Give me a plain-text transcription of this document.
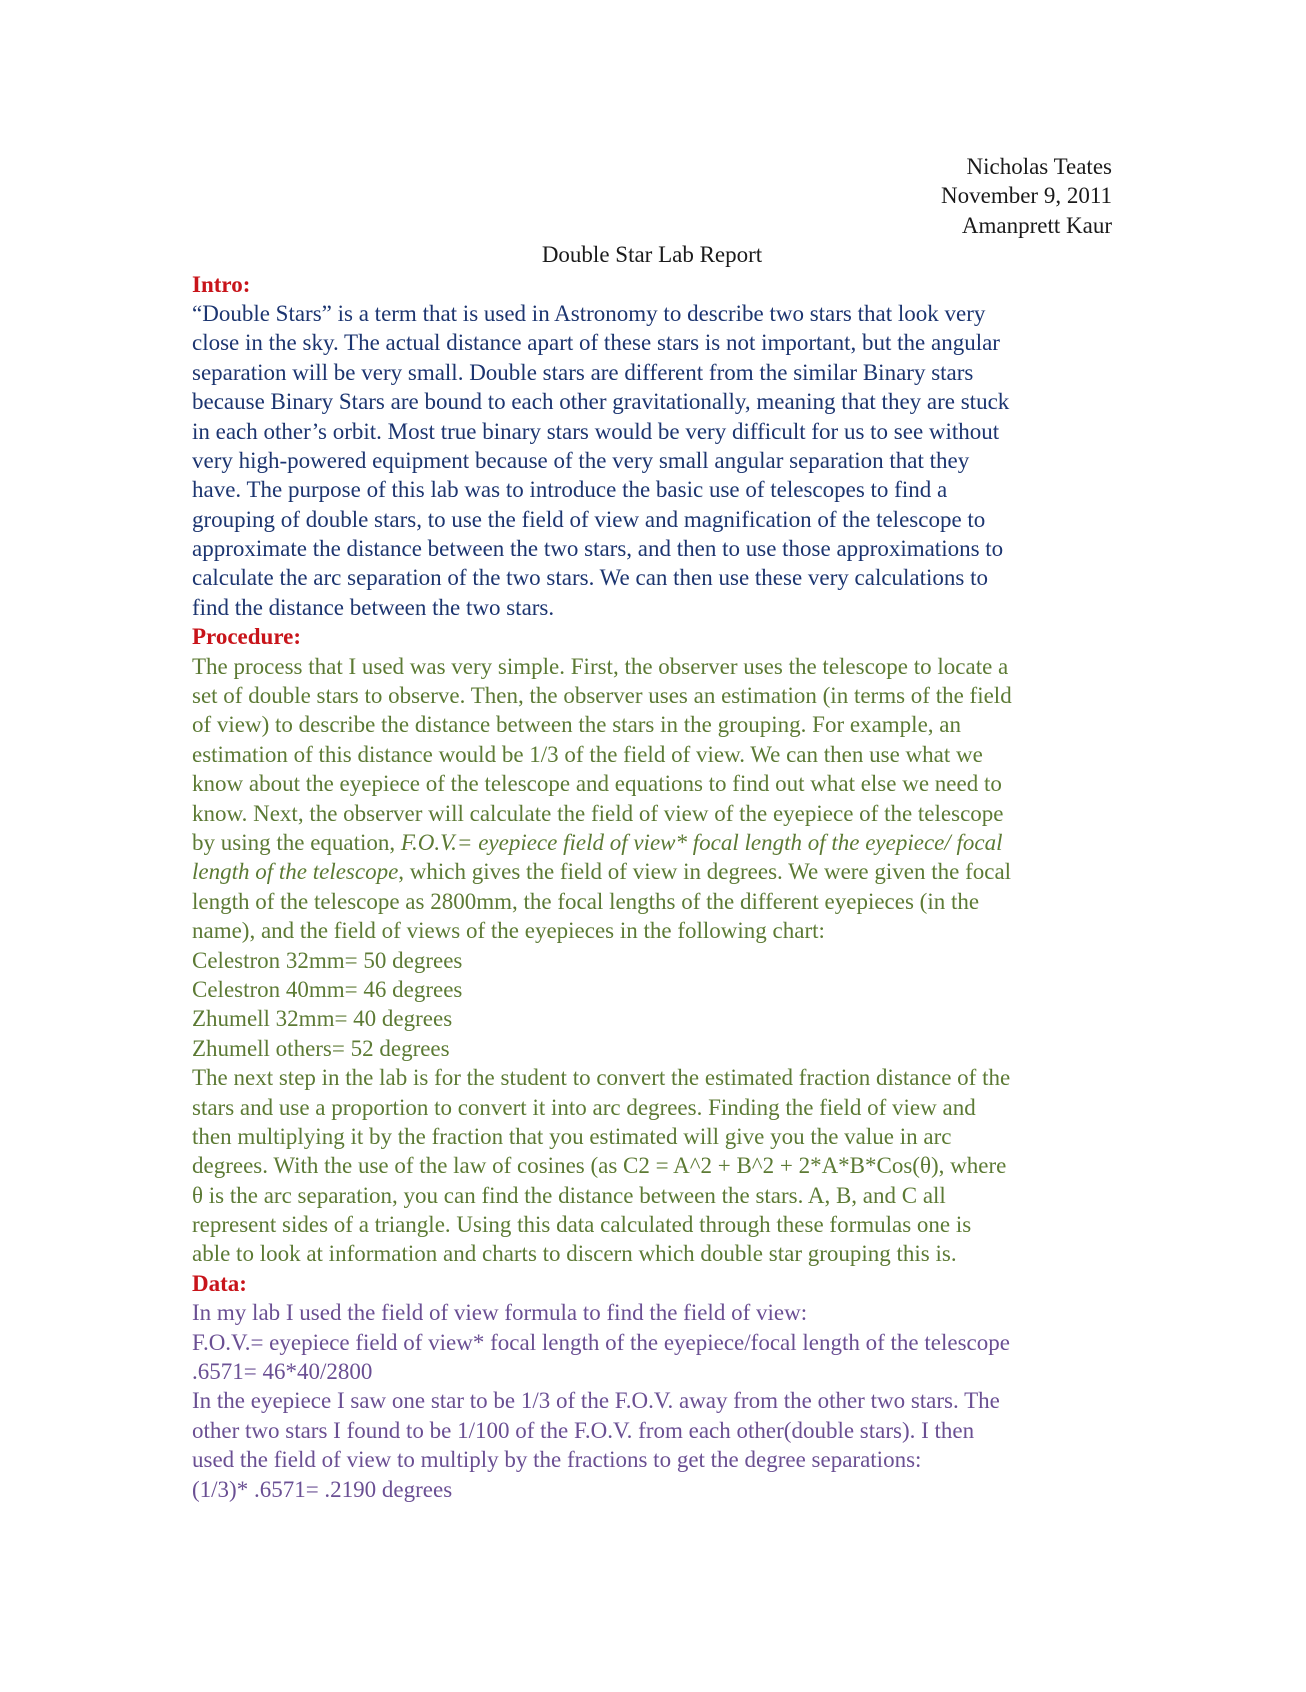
Nicholas Teates
November 9, 2011
Amanprett Kaur
Double Star Lab Report
Intro:
“Double Stars” is a term that is used in Astronomy to describe two stars that look very
close in the sky. The actual distance apart of these stars is not important, but the angular
separation will be very small. Double stars are different from the similar Binary stars
because Binary Stars are bound to each other gravitationally, meaning that they are stuck
in each other’s orbit. Most true binary stars would be very difficult for us to see without
very high-powered equipment because of the very small angular separation that they
have. The purpose of this lab was to introduce the basic use of telescopes to find a
grouping of double stars, to use the field of view and magnification of the telescope to
approximate the distance between the two stars, and then to use those approximations to
calculate the arc separation of the two stars. We can then use these very calculations to
find the distance between the two stars.
Procedure:
The process that I used was very simple. First, the observer uses the telescope to locate a
set of double stars to observe. Then, the observer uses an estimation (in terms of the field
of view) to describe the distance between the stars in the grouping. For example, an
estimation of this distance would be 1/3 of the field of view. We can then use what we
know about the eyepiece of the telescope and equations to find out what else we need to
know. Next, the observer will calculate the field of view of the eyepiece of the telescope
by using the equation, F.O.V.= eyepiece field of view* focal length of the eyepiece/ focal
length of the telescope, which gives the field of view in degrees. We were given the focal
length of the telescope as 2800mm, the focal lengths of the different eyepieces (in the
name), and the field of views of the eyepieces in the following chart:
Celestron 32mm= 50 degrees
Celestron 40mm= 46 degrees
Zhumell 32mm= 40 degrees
Zhumell others= 52 degrees
The next step in the lab is for the student to convert the estimated fraction distance of the
stars and use a proportion to convert it into arc degrees. Finding the field of view and
then multiplying it by the fraction that you estimated will give you the value in arc
degrees. With the use of the law of cosines (as C2 = A^2 + B^2 + 2*A*B*Cos(θ), where
θ is the arc separation, you can find the distance between the stars. A, B, and C all
represent sides of a triangle. Using this data calculated through these formulas one is
able to look at information and charts to discern which double star grouping this is.
Data:
In my lab I used the field of view formula to find the field of view:
F.O.V.= eyepiece field of view* focal length of the eyepiece/focal length of the telescope
.6571= 46*40/2800
In the eyepiece I saw one star to be 1/3 of the F.O.V. away from the other two stars. The
other two stars I found to be 1/100 of the F.O.V. from each other(double stars). I then
used the field of view to multiply by the fractions to get the degree separations:
(1/3)* .6571= .2190 degrees
